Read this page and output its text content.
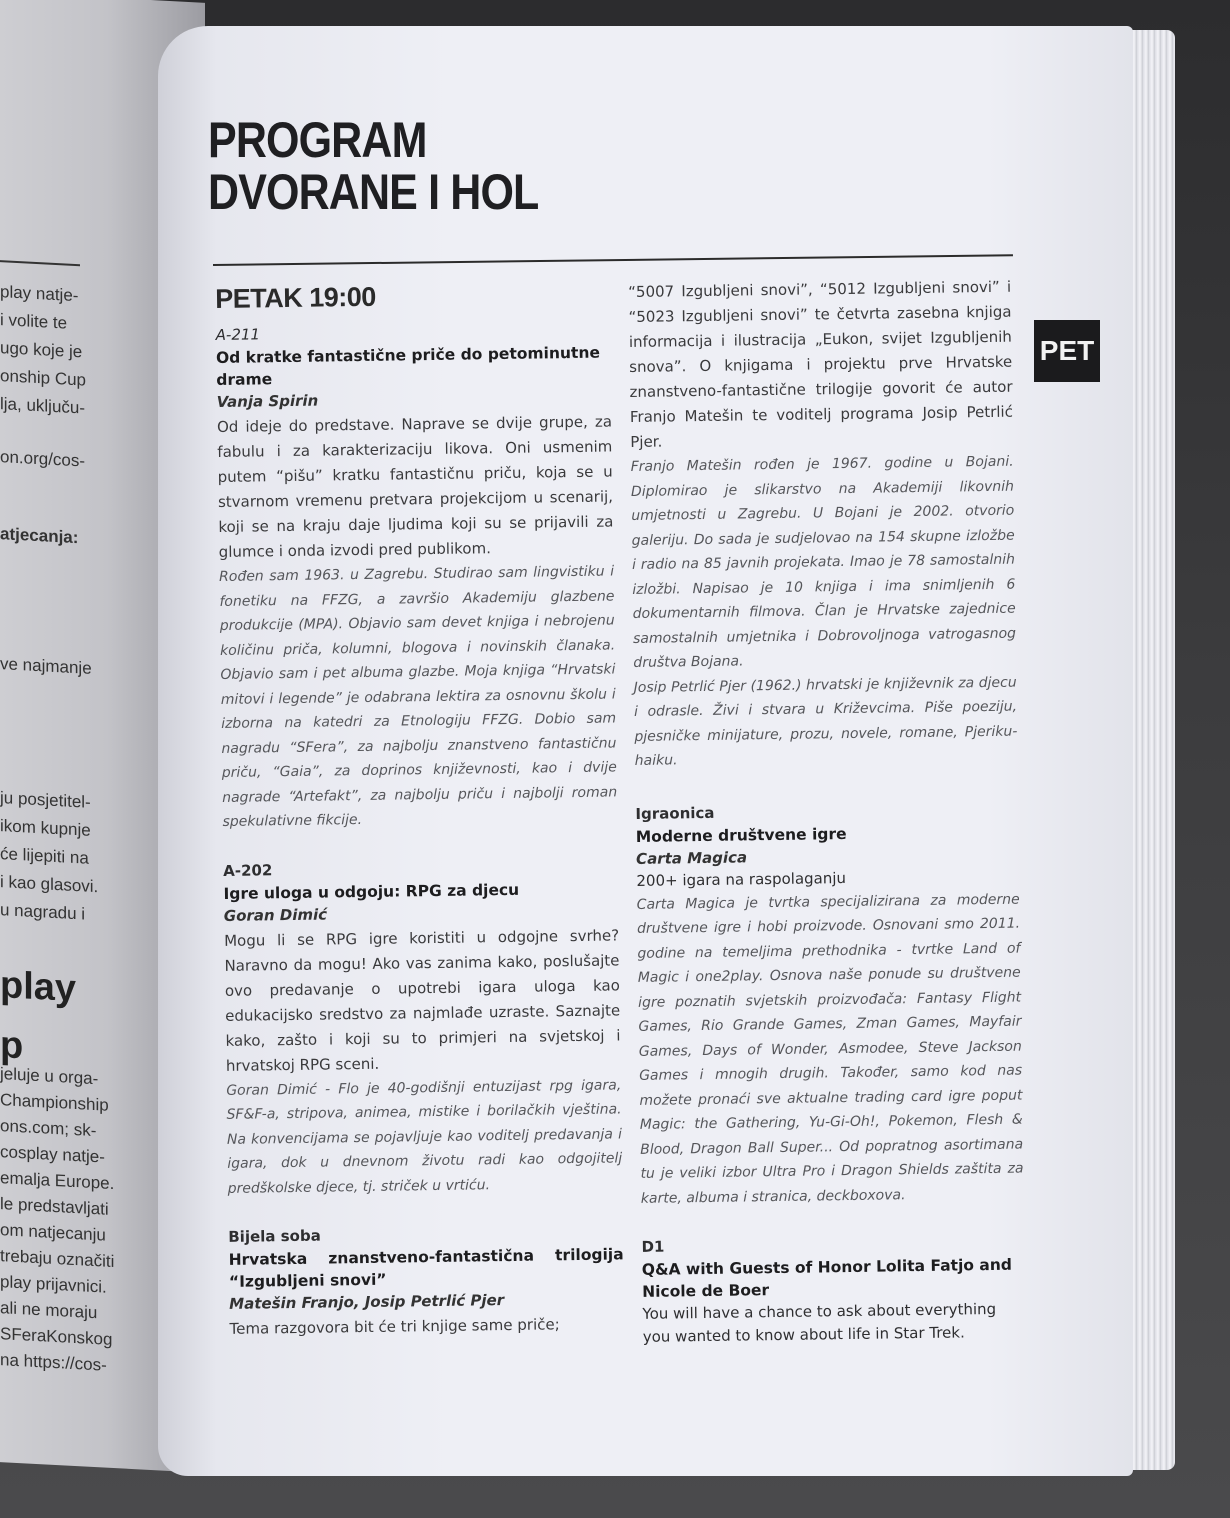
play natje-
i volite te
ugo koje je
onship Cup
lja, uključu-
on.org/cos-
atjecanja:
ve najmanje
ju posjetitel-
ikom kupnje
će lijepiti na
i kao glasovi.
u nagradu i
play
p
jeluje u orga-
Championship
ons.com; sk-
cosplay natje-
emalja Europe.
le predstavljati
om natjecanju
trebaju označiti
play prijavnici.
ali ne moraju
SFeraKonskog
na https://cos-
PROGRAM
DVORANE I HOL
PET
PETAK 19:00

A-211

Od kratke fantastične priče do petominutne drame

Vanja Spirin

Od ideje do predstave. Naprave se dvije grupe, za fabulu i za karakterizaciju likova. Oni usmenim putem “pišu” kratku fantastičnu priču, koja se u stvarnom vremenu pretvara projekcijom u scenarij, koji se na kraju daje ljudima koji su se prijavili za glumce i onda izvodi pred publikom.

Rođen sam 1963. u Zagrebu. Studirao sam lingvistiku i fonetiku na FFZG, a završio Akademiju glazbene produkcije (MPA). Objavio sam devet knjiga i nebrojenu količinu priča, kolumni, blogova i novinskih članaka. Objavio sam i pet albuma glazbe. Moja knjiga “Hrvatski mitovi i legende” je odabrana lektira za osnovnu školu i izborna na katedri za Etnologiju FFZG. Dobio sam nagradu “SFera”, za najbolju znanstveno fantastičnu priču, “Gaia”, za doprinos književnosti, kao i dvije nagrade “Artefakt”, za najbolju priču i najbolji roman spekulativne fikcije.

A-202

Igre uloga u odgoju: RPG za djecu

Goran Dimić

Mogu li se RPG igre koristiti u odgojne svrhe? Naravno da mogu! Ako vas zanima kako, poslušajte ovo predavanje o upotrebi igara uloga kao edukacijsko sredstvo za najmlađe uzraste. Saznajte kako, zašto i koji su to primjeri na svjetskoj i hrvatskoj RPG sceni.

Goran Dimić - Flo je 40-godišnji entuzijast rpg igara, SF&F-a, stripova, animea, mistike i borilačkih vještina. Na konvencijama se pojavljuje kao voditelj predavanja i igara, dok u dnevnom životu radi kao odgojitelj predškolske djece, tj. striček u vrtiću.

Bijela soba

Hrvatska znanstveno-fantastična trilogija “Izgubljeni snovi”

Matešin Franjo, Josip Petrlić Pjer

Tema razgovora bit će tri knjige same priče;

“5007 Izgubljeni snovi”, “5012 Izgubljeni snovi” i “5023 Izgubljeni snovi” te četvrta zasebna knjiga informacija i ilustracija „Eukon, svijet Izgubljenih snova”. O knjigama i projektu prve Hrvatske znanstveno-fantastične trilogije govorit će autor Franjo Matešin te voditelj programa Josip Petrlić Pjer.

Franjo Matešin rođen je 1967. godine u Bojani. Diplomirao je slikarstvo na Akademiji likovnih umjetnosti u Zagrebu. U Bojani je 2002. otvorio galeriju. Do sada je sudjelovao na 154 skupne izložbe i radio na 85 javnih projekata. Imao je 78 samostalnih izložbi. Napisao je 10 knjiga i ima snimljenih 6 dokumentarnih filmova. Član je Hrvatske zajednice samostalnih umjetnika i Dobrovoljnoga vatrogasnog društva Bojana.

Josip Petrlić Pjer (1962.) hrvatski je književnik za djecu i odrasle. Živi i stvara u Križevcima. Piše poeziju, pjesničke minijature, prozu, novele, romane, Pjeriku-haiku.

Igraonica

Moderne društvene igre

Carta Magica

200+ igara na raspolaganju

Carta Magica je tvrtka specijalizirana za moderne društvene igre i hobi proizvode. Osnovani smo 2011. godine na temeljima prethodnika - tvrtke Land of Magic i one2play. Osnova naše ponude su društvene igre poznatih svjetskih proizvođača: Fantasy Flight Games, Rio Grande Games, Zman Games, Mayfair Games, Days of Wonder, Asmodee, Steve Jackson Games i mnogih drugih. Također, samo kod nas možete pronaći sve aktualne trading card igre poput Magic: the Gathering, Yu-Gi-Oh!, Pokemon, Flesh & Blood, Dragon Ball Super... Od popratnog asortimana tu je veliki izbor Ultra Pro i Dragon Shields zaštita za karte, albuma i stranica, deckboxova.

D1

Q&A with Guests of Honor Lolita Fatjo and Nicole de Boer

You will have a chance to ask about everything you wanted to know about life in Star Trek.
